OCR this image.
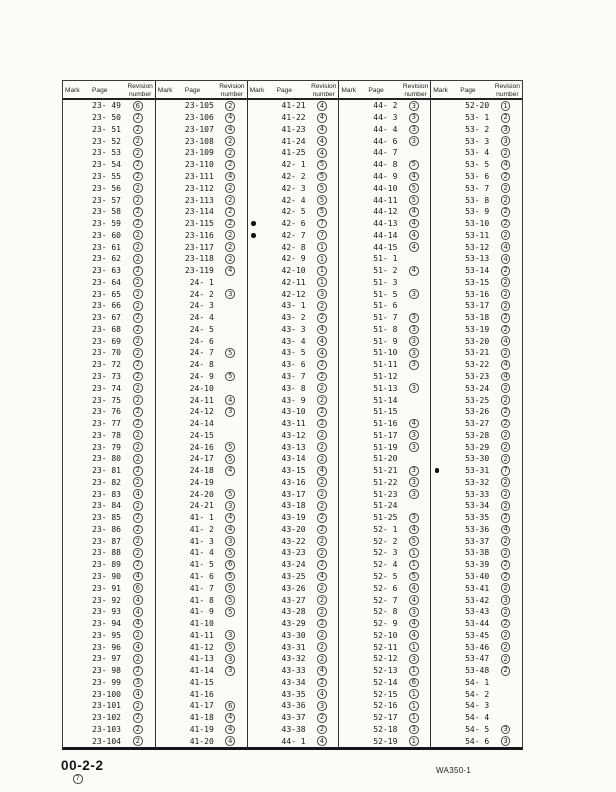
Mark Page
Revision
number
23- 49	6
23- 50	2
23- 51	2
23- 52	2
23- 53	2
23- 54	2
23- 55	2
23- 56	2
23- 57	2
23- 58	2
23- 59	2
23- 60	2
23- 61	2
23- 62	2
23- 63	2
23- 64	2
23- 65	2
23- 66	2
23- 67	2
23- 68	2
23- 69	2
23- 70	2
23- 72	2
23- 73	2
23- 74	2
23- 75	2
23- 76	2
23- 77	2
23- 78	2
23- 79	2
23- 80	2
23- 81	2
23- 82	2
23- 83	4
23- 84	2
23- 85	2
23- 86	2
23- 87	2
23- 88	2
23- 89	2
23- 90	4
23- 91	6
23- 92	4
23- 93	4
23- 94	4
23- 95	2
23- 96	4
23- 97	2
23- 98	2
23- 99	3
23-100	4
23-101	2
23-102	2
23-103	2
23-104	2
Mark Page
Revision
number
23-105	2
23-106	4
23-107	4
23-108	2
23-109	2
23-110	2
23-111	4
23-112	2
23-113	2
23-114	2
23-115	2
23-116	2
23-117	2
23-118	2
23-119	4
24- 1
24- 2	3
24- 3
24- 4
24- 5
24- 6
24- 7	5
24- 8
24- 9	5
24-10
24-11	4
24-12	3
24-14
24-15
24-16	5
24-17	5
24-18	4
24-19
24-20	5
24-21	3
41- 1	4
41- 2	4
41- 3	3
41- 4	5
41- 5	6
41- 6	5
41- 7	5
41- 8	5
41- 9	5
41-10
41-11	3
41-12	5
41-13	3
41-14	3
41-15
41-16
41-17	6
41-18	4
41-19	4
41-20	4
Mark Page
Revision
number
41-21	4
41-22	4
41-23	4
41-24	4
41-25	4
42- 1	5
42- 2	5
42- 3	5
42- 4	5
42- 5	5
42- 6	7
42- 7	7
42- 8	1
42- 9	1
42-10	1
42-11	1
42-12	3
43- 1	2
43- 2	2
43- 3	4
43- 4	4
43- 5	4
43- 6	2
43- 7	2
43- 8	2
43- 9	2
43-10	2
43-11	2
43-12	2
43-13	2
43-14	2
43-15	4
43-16	2
43-17	2
43-18	2
43-19	2
43-20	2
43-22	2
43-23	2
43-24	2
43-25	4
43-26	2
43-27	2
43-28	2
43-29	2
43-30	2
43-31	2
43-32	2
43-33	4
43-34	2
43-35	4
43-36	3
43-37	2
43-38	2
44- 1	4
Mark Page
Revision
number
44- 2	3
44- 3	3
44- 4	3
44- 6	3
44- 7
44- 8	5
44- 9	4
44-10	5
44-11	5
44-12	4
44-13	4
44-14	4
44-15	4
51- 1
51- 2	4
51- 3
51- 5	3
51- 6
51- 7	3
51- 8	3
51- 9	3
51-10	3
51-11	3
51-12
51-13	3
51-14
51-15
51-16	4
51-17	3
51-19	3
51-20
51-21	3
51-22	3
51-23	3
51-24
51-25	3
52- 1	4
52- 2	5
52- 3	1
52- 4	1
52- 5	5
52- 6	4
52- 7	4
52- 8	3
52- 9	4
52-10	4
52-11	1
52-12	3
52-13	1
52-14	6
52-15	1
52-16	1
52-17	1
52-18	3
52-19	1
Mark Page
Revision
number
52-20	1
53- 1	2
53- 2	3
53- 3	3
53- 4	2
53- 5	4
53- 6	2
53- 7	2
53- 8	2
53- 9	2
53-10	2
53-11	2
53-12	4
53-13	4
53-14	2
53-15	2
53-16	2
53-17	2
53-18	2
53-19	2
53-20	4
53-21	2
53-22	4
53-23	4
53-24	2
53-25	2
53-26	2
53-27	2
53-28	2
53-29	2
53-30	2
53-31	7
53-32	2
53-33	2
53-34	2
53-35	2
53-36	4
53-37	2
53-38	2
53-39	2
53-40	2
53-41	2
53-42	3
53-43	2
53-44	2
53-45	2
53-46	2
53-47	2
53-48	2
54- 1
54- 2
54- 3
54- 4
54- 5	3
54- 6	3
00-2-2
7
WA350-1
